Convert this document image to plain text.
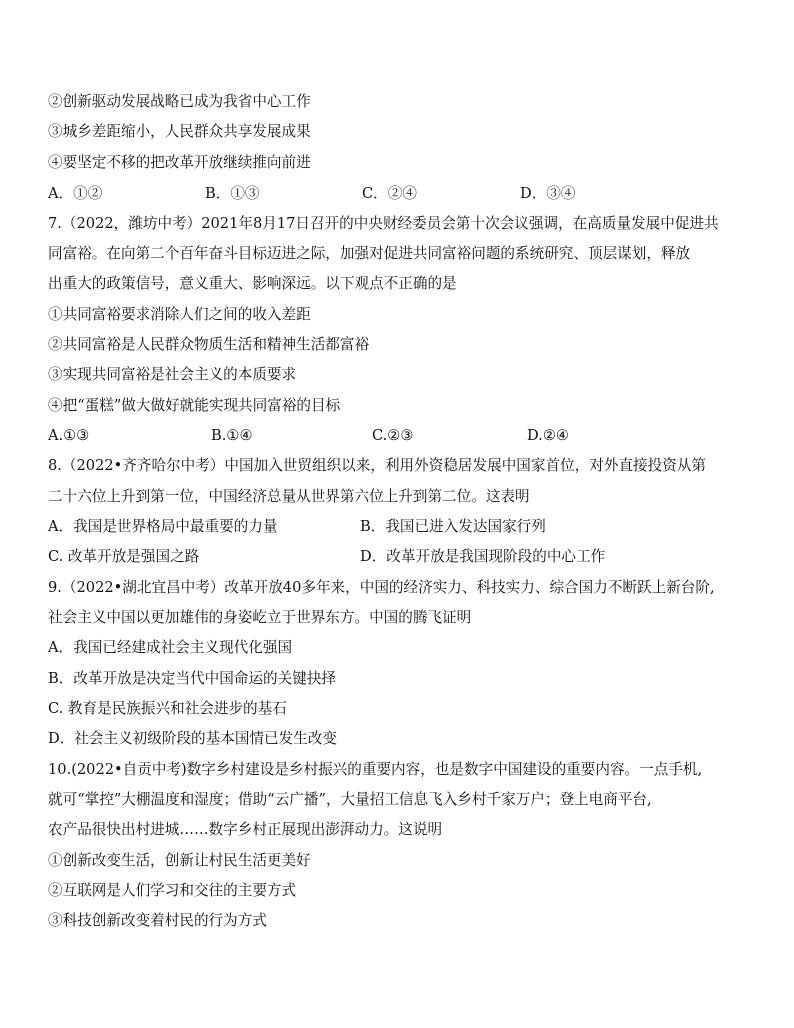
②创新驱动发展战略已成为我省中心工作
③城乡差距缩小，人民群众共享发展成果
④要坚定不移的把改革开放继续推向前进
A．①②	B．①③	C．②④	D．③④
7.（2022，潍坊中考）2021年8月17日召开的中央财经委员会第十次会议强调，在高质量发展中促进共
同富裕。在向第二个百年奋斗目标迈进之际，加强对促进共同富裕问题的系统研究、顶层谋划，释放
出重大的政策信号，意义重大、影响深远。以下观点不正确的是
①共同富裕要求消除人们之间的收入差距
②共同富裕是人民群众物质生活和精神生活都富裕
③实现共同富裕是社会主义的本质要求
④把“蛋糕”做大做好就能实现共同富裕的目标
A.①③	B.①④	C.②③	D.②④
8.（2022•齐齐哈尔中考）中国加入世贸组织以来，利用外资稳居发展中国家首位，对外直接投资从第
二十六位上升到第一位，中国经济总量从世界第六位上升到第二位。这表明
A．我国是世界格局中最重要的力量	B．我国已进入发达国家行列
C. 改革开放是强国之路	D．改革开放是我国现阶段的中心工作
9.（2022•湖北宜昌中考）改革开放40多年来，中国的经济实力、科技实力、综合国力不断跃上新台阶,
社会主义中国以更加雄伟的身姿屹立于世界东方。中国的腾飞证明
A．我国已经建成社会主义现代化强国
B．改革开放是决定当代中国命运的关键抉择
C. 教育是民族振兴和社会进步的基石
D．社会主义初级阶段的基本国情已发生改变
10.(2022•自贡中考)数字乡村建设是乡村振兴的重要内容，也是数字中国建设的重要内容。一点手机,
就可“掌控”大棚温度和湿度；借助“云广播”，大量招工信息飞入乡村千家万户；登上电商平台,
农产品很快出村进城……数字乡村正展现出澎湃动力。这说明
①创新改变生活，创新让村民生活更美好
②互联网是人们学习和交往的主要方式
③科技创新改变着村民的行为方式
